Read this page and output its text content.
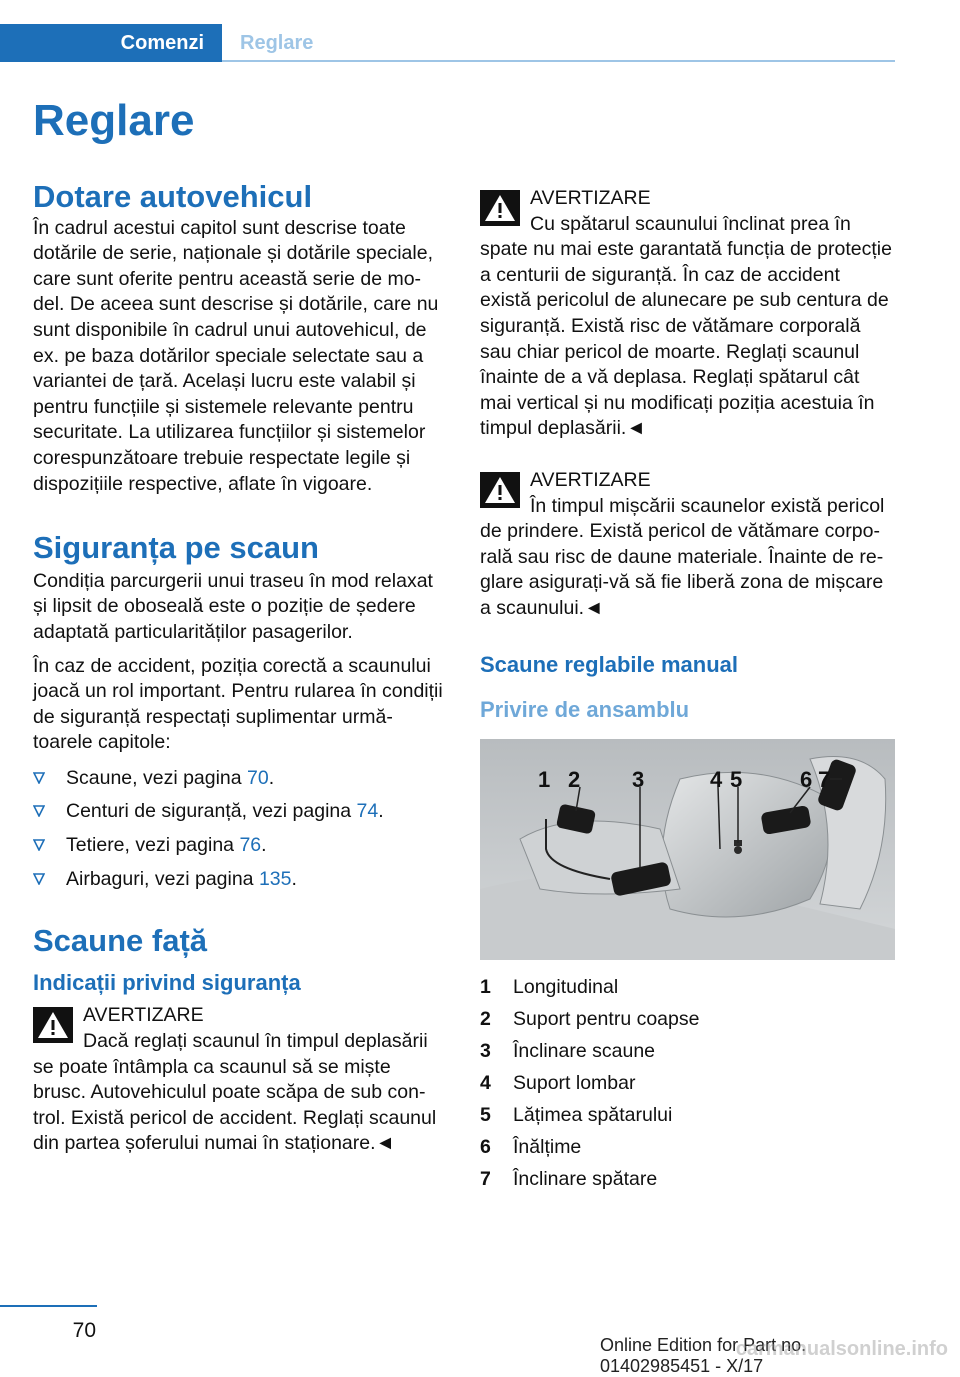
Comenzi	Reglare
Reglare
Dotare autovehicul

În cadrul acestui capitol sunt descrise toate dotările de serie, naționale și dotările speciale, care sunt oferite pentru această serie de model. De aceea sunt descrise și dotările, care nu sunt disponibile în cadrul unui autovehicul, de ex. pe baza dotărilor speciale selectate sau a variantei de țară. Același lucru este valabil și pentru funcțiile și sistemele relevante pentru securitate. La utilizarea funcțiilor și sistemelor corespunzătoare trebuie respectate legile și dispozițiile respective, aflate în vigoare.

Siguranța pe scaun

Condiția parcurgerii unui traseu în mod relaxat și lipsit de oboseală este o poziție de ședere adaptată particularităților pasagerilor.

În caz de accident, poziția corectă a scaunului joacă un rol important. Pentru rularea în condiții de siguranță respectați suplimentar următoarele capitole:

Scaune, vezi pagina 70.
Centuri de siguranță, vezi pagina 74.
Tetiere, vezi pagina 76.
Airbaguri, vezi pagina 135.
Scaune față
Indicații privind siguranța

AVERTIZARE

Dacă reglați scaunul în timpul deplasării

se poate întâmpla ca scaunul să se miște brusc. Autovehiculul poate scăpa de sub control. Există pericol de accident. Reglați scaunul din partea șoferului numai în staționare.◄

AVERTIZARE

Cu spătarul scaunului înclinat prea în

spate nu mai este garantată funcția de protecție a centurii de siguranță. În caz de accident există pericolul de alunecare pe sub centura de siguranță. Există risc de vătămare corporală sau chiar pericol de moarte. Reglați scaunul înainte de a vă deplasa. Reglați spătarul cât mai vertical și nu modificați poziția acestuia în timpul deplasării.◄

AVERTIZARE

În timpul mișcării scaunelor există pericol

de prindere. Există pericol de vătămare corporală sau risc de daune materiale. Înainte de reglare asigurați-vă să fie liberă zona de mișcare a scaunului.◄

Scaune reglabile manual
Privire de ansamblu
1 2 3	4 5	6 7
1	Longitudinal
2	Suport pentru coapse
3	Înclinare scaune
4	Suport lombar
5	Lățimea spătarului
6	Înălțime
7	Înclinare spătare
70
Online Edition for Part no. 01402985451 - X/17
carmanualsonline.info
